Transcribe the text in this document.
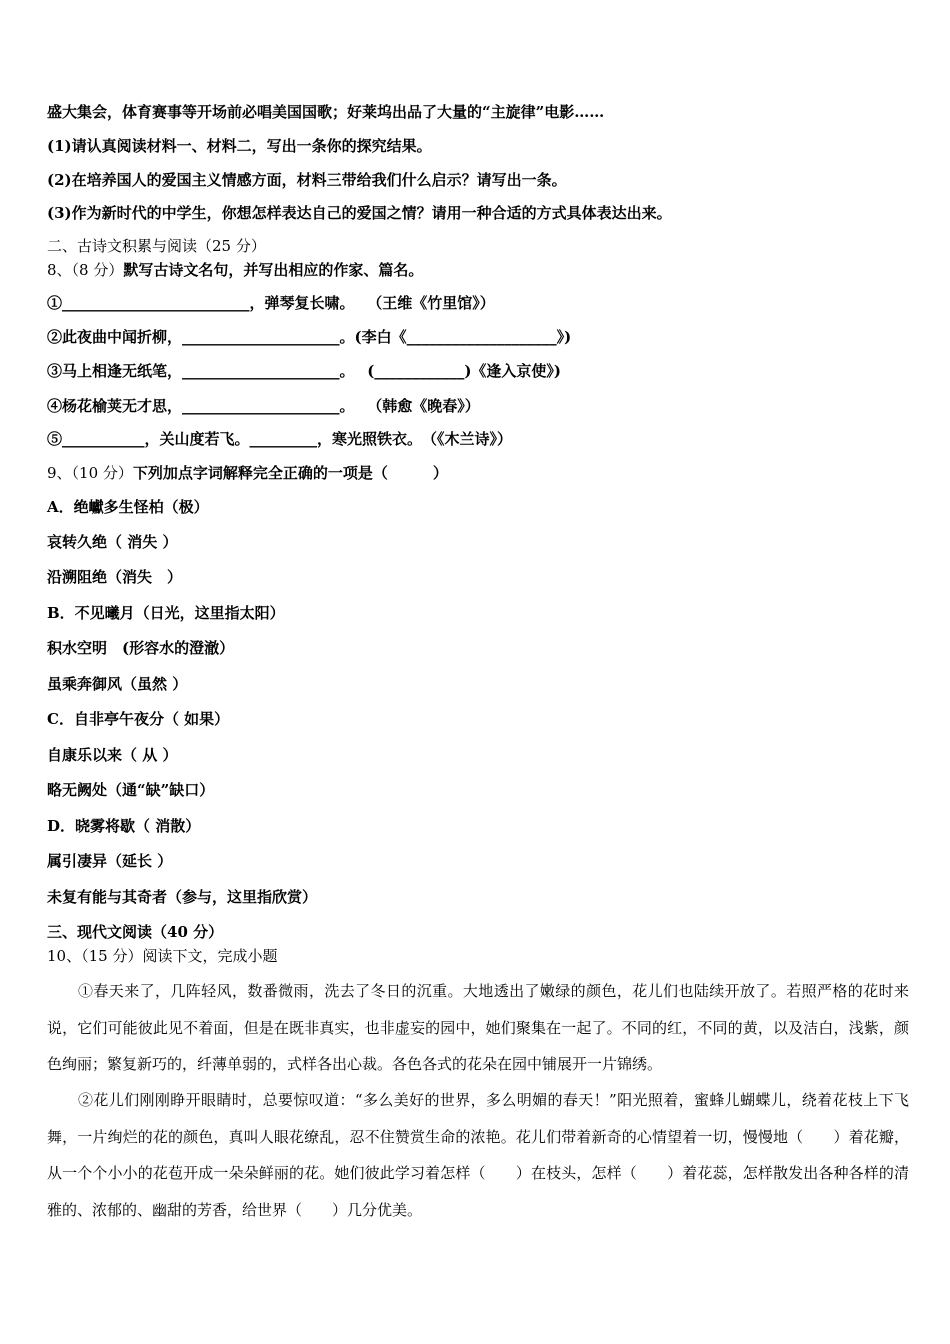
盛大集会，体育赛事等开场前必唱美国国歌；好莱坞出品了大量的“主旋律”电影……
(1)请认真阅读材料一、材料二，写出一条你的探究结果。
(2)在培养国人的爱国主义情感方面，材料三带给我们什么启示？请写出一条。
(3)作为新时代的中学生，你想怎样表达自己的爱国之情？请用一种合适的方式具体表达出来。
二、古诗文积累与阅读（25 分）
8、（8 分）默写古诗文名句，并写出相应的作家、篇名。
①_________________________，弹琴复长啸。　 （王维《竹里馆》）
②此夜曲中闻折柳，_____________________。(李白《____________________》)
③马上相逢无纸笔，_____________________。　 (____________)《逢入京使》)
④杨花榆荚无才思，_____________________。　 （韩愈《晚春》）
⑤___________，关山度若飞。_________，寒光照铁衣。　（《木兰诗》）
9、（10 分）下列加点字词解释完全正确的一项是（　　　）
A．绝巘多生怪柏（极）
哀转久绝（ 消失 ）
沿溯阻绝（消失　）
B．不见曦月（日光，这里指太阳）
积水空明　(形容水的澄澈）
虽乘奔御风（虽然 ）
C．自非亭午夜分（ 如果）
自康乐以来（ 从 ）
略无阙处（通“缺”缺口）
D．晓雾将歇（ 消散）
属引凄异（延长 ）
未复有能与其奇者（参与，这里指欣赏）
三、现代文阅读（40 分）
10、（15 分）阅读下文，完成小题
①春天来了，几阵轻风，数番微雨，洗去了冬日的沉重。大地透出了嫩绿的颜色，花儿们也陆续开放了。若照严格的花时来说，它们可能彼此见不着面，但是在既非真实，也非虚妄的园中，她们聚集在一起了。不同的红，不同的黄，以及洁白，浅紫，颜色绚丽；繁复新巧的，纤薄单弱的，式样各出心裁。各色各式的花朵在园中铺展开一片锦绣。
②花儿们刚刚睁开眼睛时，总要惊叹道：“多么美好的世界，多么明媚的春天！”阳光照着，蜜蜂儿蝴蝶儿，绕着花枝上下飞舞，一片绚烂的花的颜色，真叫人眼花缭乱，忍不住赞赏生命的浓艳。花儿们带着新奇的心情望着一切，慢慢地（　　）着花瓣，从一个个小小的花苞开成一朵朵鲜丽的花。她们彼此学习着怎样（　　）在枝头，怎样（　　）着花蕊，怎样散发出各种各样的清雅的、浓郁的、幽甜的芳香，给世界（　　）几分优美。
